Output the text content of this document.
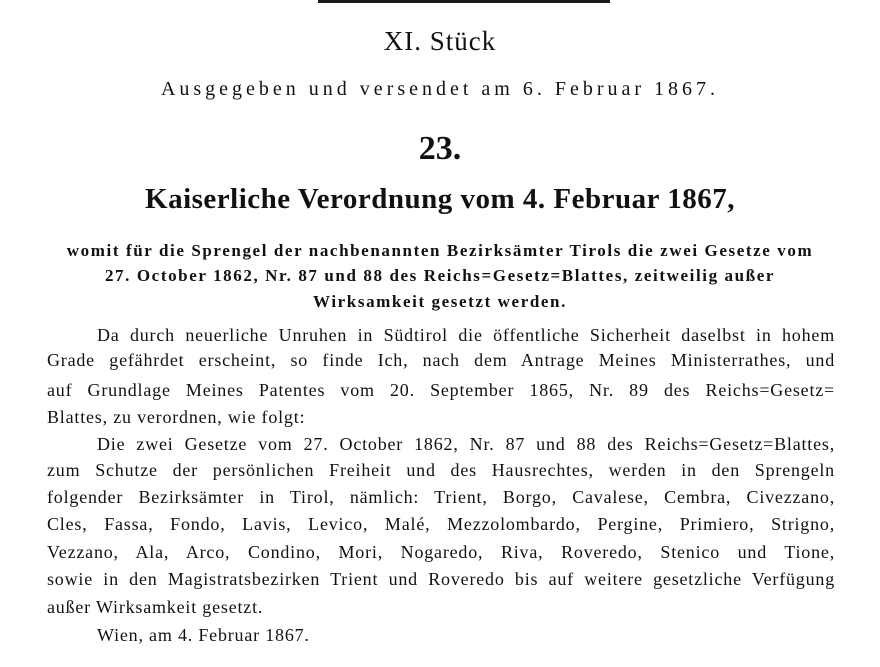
XI. Stück
Ausgegeben und versendet am 6. Februar 1867.
23.
Kaiserliche Verordnung vom 4. Februar 1867,
womit für die Sprengel der nachbenannten Bezirksämter Tirols die zwei Gesetze vom
27. October 1862, Nr. 87 und 88 des Reichs=Gesetz=Blattes, zeitweilig außer
Wirksamkeit gesetzt werden.
Da durch neuerliche Unruhen in Südtirol die öffentliche Sicherheit daselbst in hohem
Grade gefährdet erscheint, so finde Ich, nach dem Antrage Meines Ministerrathes, und
auf Grundlage Meines Patentes vom 20. September 1865, Nr. 89 des Reichs=Gesetz=
Blattes, zu verordnen, wie folgt:
Die zwei Gesetze vom 27. October 1862, Nr. 87 und 88 des Reichs=Gesetz=Blattes,
zum Schutze der persönlichen Freiheit und des Hausrechtes, werden in den Sprengeln
folgender Bezirksämter in Tirol, nämlich: Trient, Borgo, Cavalese, Cembra, Civezzano,
Cles, Fassa, Fondo, Lavis, Levico, Malé, Mezzolombardo, Pergine, Primiero, Strigno,
Vezzano, Ala, Arco, Condino, Mori, Nogaredo, Riva, Roveredo, Stenico und Tione,
sowie in den Magistratsbezirken Trient und Roveredo bis auf weitere gesetzliche Verfügung
außer Wirksamkeit gesetzt.
Wien, am 4. Februar 1867.
